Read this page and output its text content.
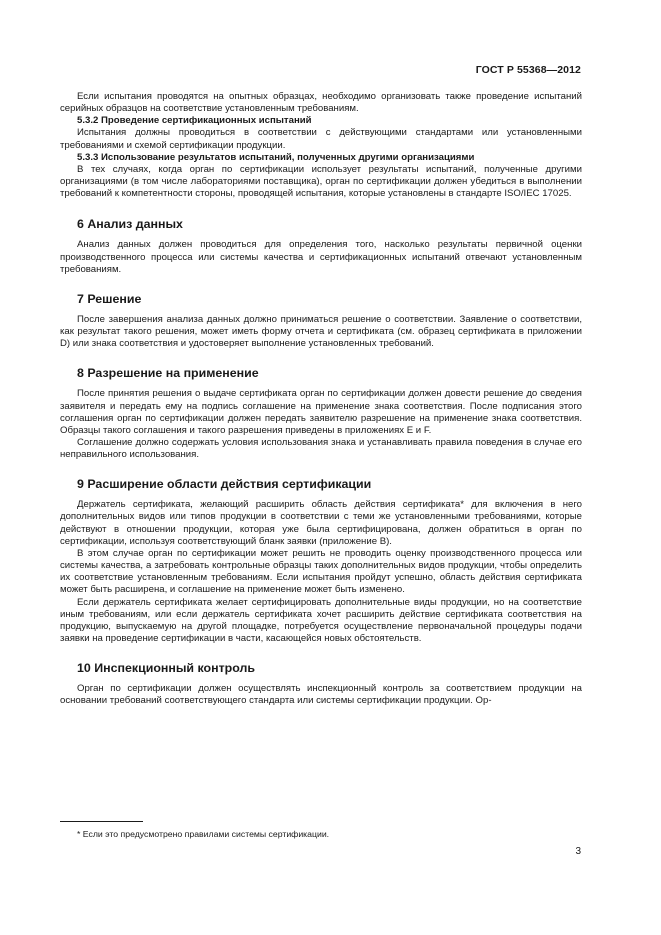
ГОСТ Р 55368—2012

Если испытания проводятся на опытных образцах, необходимо организовать также проведение испытаний серийных образцов на соответствие установленным требованиям.

5.3.2 Проведение сертификационных испытаний

Испытания должны проводиться в соответствии с действующими стандартами или установленными требованиями и схемой сертификации продукции.

5.3.3 Использование результатов испытаний, полученных другими организациями

В тех случаях, когда орган по сертификации использует результаты испытаний, полученные другими организациями (в том числе лабораториями поставщика), орган по сертификации должен убедиться в выполнении требований к компетентности стороны, проводящей испытания, которые установлены в стандарте ISO/IEC 17025.

6 Анализ данных

Анализ данных должен проводиться для определения того, насколько результаты первичной оценки производственного процесса или системы качества и сертификационных испытаний отвечают установленным требованиям.

7 Решение

После завершения анализа данных должно приниматься решение о соответствии. Заявление о соответствии, как результат такого решения, может иметь форму отчета и сертификата (см. образец сертификата в приложении D) или знака соответствия и удостоверяет выполнение установленных требований.

8 Разрешение на применение

После принятия решения о выдаче сертификата орган по сертификации должен довести решение до сведения заявителя и передать ему на подпись соглашение на применение знака соответствия. После подписания этого соглашения орган по сертификации должен передать заявителю разрешение на применение знака соответствия. Образцы такого соглашения и такого разрешения приведены в приложениях Е и F.

Соглашение должно содержать условия использования знака и устанавливать правила поведения в случае его неправильного использования.

9 Расширение области действия сертификации

Держатель сертификата, желающий расширить область действия сертификата* для включения в него дополнительных видов или типов продукции в соответствии с теми же установленными требованиями, которые действуют в отношении продукции, которая уже была сертифицирована, должен обратиться в орган по сертификации, используя соответствующий бланк заявки (приложение В).

В этом случае орган по сертификации может решить не проводить оценку производственного процесса или системы качества, а затребовать контрольные образцы таких дополнительных видов продукции, чтобы определить их соответствие установленным требованиям. Если испытания пройдут успешно, область действия сертификата может быть расширена, и соглашение на применение может быть изменено.

Если держатель сертификата желает сертифицировать дополнительные виды продукции, но на соответствие иным требованиям, или если держатель сертификата хочет расширить действие сертификата соответствия на продукцию, выпускаемую на другой площадке, потребуется осуществление первоначальной процедуры подачи заявки на проведение сертификации в части, касающейся новых обстоятельств.

10 Инспекционный контроль

Орган по сертификации должен осуществлять инспекционный контроль за соответствием продукции на основании требований соответствующего стандарта или системы сертификации продукции. Ор-

* Если это предусмотрено правилами системы сертификации.
3
